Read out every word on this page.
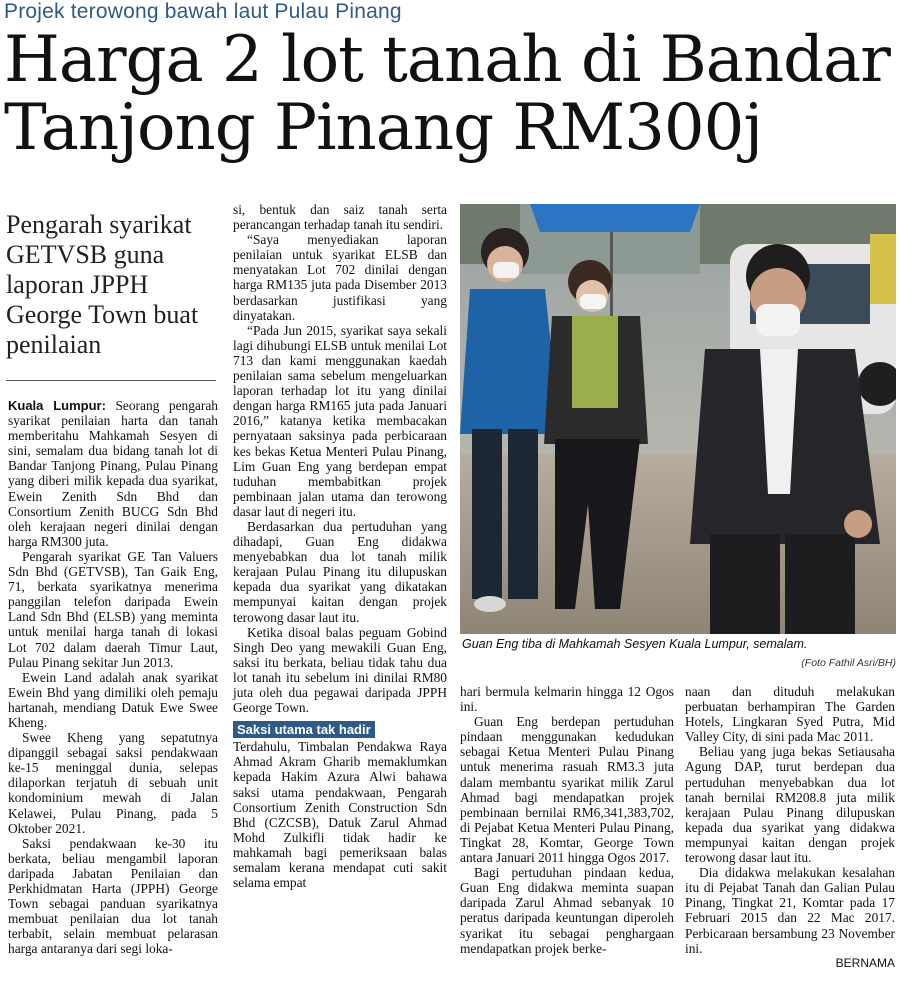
Projek terowong bawah laut Pulau Pinang
Harga 2 lot tanah di Bandar Tanjong Pinang RM300j
Pengarah syarikat GETVSB guna laporan JPPH George Town buat penilaian

Kuala Lumpur: Seorang pengarah syarikat penilaian harta dan tanah memberitahu Mahkamah Sesyen di sini, semalam dua bidang tanah lot di Bandar Tanjong Pinang, Pulau Pinang yang diberi milik kepada dua syarikat, Ewein Zenith Sdn Bhd dan Consortium Zenith BUCG Sdn Bhd oleh kerajaan negeri dinilai dengan harga RM300 juta.

Pengarah syarikat GE Tan Valuers Sdn Bhd (GETVSB), Tan Gaik Eng, 71, berkata syarikatnya menerima panggilan telefon daripada Ewein Land Sdn Bhd (ELSB) yang meminta untuk menilai harga tanah di lokasi Lot 702 dalam daerah Timur Laut, Pulau Pinang sekitar Jun 2013.

Ewein Land adalah anak syarikat Ewein Bhd yang dimiliki oleh pemaju hartanah, mendiang Datuk Ewe Swee Kheng.

Swee Kheng yang sepatutnya dipanggil sebagai saksi pendakwaan ke-15 meninggal dunia, selepas dilaporkan terjatuh di sebuah unit kondominium mewah di Jalan Kelawei, Pulau Pinang, pada 5 Oktober 2021.

Saksi pendakwaan ke-30 itu berkata, beliau mengambil laporan daripada Jabatan Penilaian dan Perkhidmatan Harta (JPPH) George Town sebagai panduan syarikatnya membuat penilaian dua lot tanah terbabit, selain membuat pelarasan harga antaranya dari segi loka-

si, bentuk dan saiz tanah serta perancangan terhadap tanah itu sendiri.

“Saya menyediakan laporan penilaian untuk syarikat ELSB dan menyatakan Lot 702 dinilai dengan harga RM135 juta pada Disember 2013 berdasarkan justifikasi yang dinyatakan.

“Pada Jun 2015, syarikat saya sekali lagi dihubungi ELSB untuk menilai Lot 713 dan kami menggunakan kaedah penilaian sama sebelum mengeluarkan laporan terhadap lot itu yang dinilai dengan harga RM165 juta pada Januari 2016,” katanya ketika membacakan pernyataan saksinya pada perbicaraan kes bekas Ketua Menteri Pulau Pinang, Lim Guan Eng yang berdepan empat tuduhan membabitkan projek pembinaan jalan utama dan terowong dasar laut di negeri itu.

Berdasarkan dua pertuduhan yang dihadapi, Guan Eng didakwa menyebabkan dua lot tanah milik kerajaan Pulau Pinang itu dilupuskan kepada dua syarikat yang dikatakan mempunyai kaitan dengan projek terowong dasar laut itu.

Ketika disoal balas peguam Gobind Singh Deo yang mewakili Guan Eng, saksi itu berkata, beliau tidak tahu dua lot tanah itu sebelum ini dinilai RM80 juta oleh dua pegawai daripada JPPH George Town.

Saksi utama tak hadir

Terdahulu, Timbalan Pendakwa Raya Ahmad Akram Gharib memaklumkan kepada Hakim Azura Alwi bahawa saksi utama pendakwaan, Pengarah Consortium Zenith Construction Sdn Bhd (CZCSB), Datuk Zarul Ahmad Mohd Zulkifli tidak hadir ke mahkamah bagi pemeriksaan balas semalam kerana mendapat cuti sakit selama empat

Guan Eng tiba di Mahkamah Sesyen Kuala Lumpur, semalam.
(Foto Fathil Asri/BH)

hari bermula kelmarin hingga 12 Ogos ini.

Guan Eng berdepan pertuduhan pindaan menggunakan kedudukan sebagai Ketua Menteri Pulau Pinang untuk menerima rasuah RM3.3 juta dalam membantu syarikat milik Zarul Ahmad bagi mendapatkan projek pembinaan bernilai RM6,341,383,702, di Pejabat Ketua Menteri Pulau Pinang, Tingkat 28, Komtar, George Town antara Januari 2011 hingga Ogos 2017.

Bagi pertuduhan pindaan kedua, Guan Eng didakwa meminta suapan daripada Zarul Ahmad sebanyak 10 peratus daripada keuntungan diperoleh syarikat itu sebagai penghargaan mendapatkan projek berke-

naan dan dituduh melakukan perbuatan berhampiran The Garden Hotels, Lingkaran Syed Putra, Mid Valley City, di sini pada Mac 2011.

Beliau yang juga bekas Setiausaha Agung DAP, turut berdepan dua pertuduhan menyebabkan dua lot tanah bernilai RM208.8 juta milik kerajaan Pulau Pinang dilupuskan kepada dua syarikat yang didakwa mempunyai kaitan dengan projek terowong dasar laut itu.

Dia didakwa melakukan kesalahan itu di Pejabat Tanah dan Galian Pulau Pinang, Tingkat 21, Komtar pada 17 Februari 2015 dan 22 Mac 2017. Perbicaraan bersambung 23 November ini.

BERNAMA
